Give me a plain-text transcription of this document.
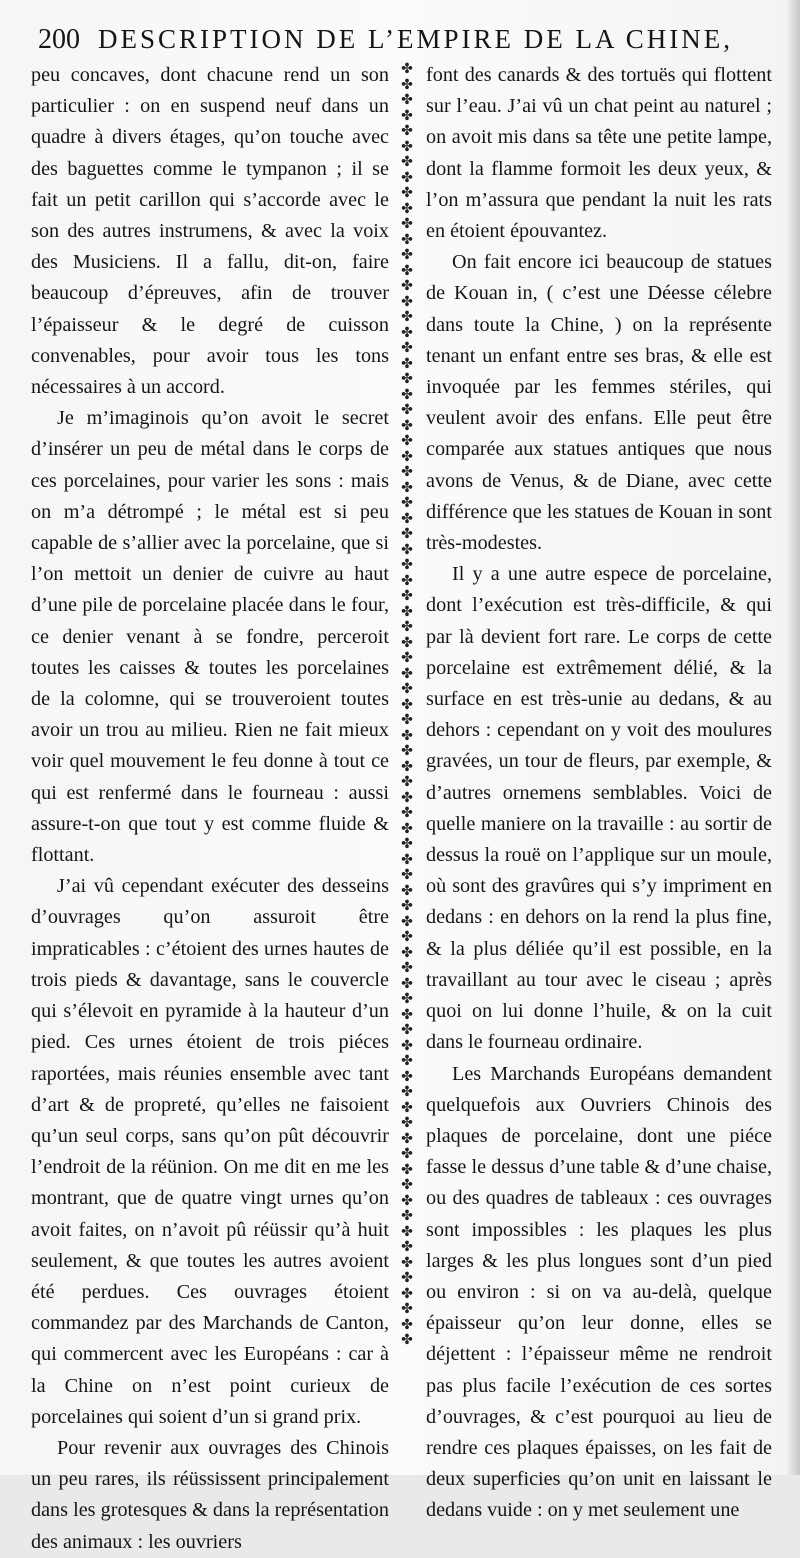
200 DESCRIPTION DE L’EMPIRE DE LA CHINE,

peu concaves, dont chacune rend un son particulier : on en suspend neuf dans un quadre à divers étages, qu’on touche avec des baguettes comme le tympanon ; il se fait un petit carillon qui s’accorde avec le son des autres instrumens, & avec la voix des Musiciens. Il a fallu, dit-on, faire beaucoup d’épreuves, afin de trouver l’épaisseur & le degré de cuisson convenables, pour avoir tous les tons nécessaires à un accord.

Je m’imaginois qu’on avoit le secret d’insérer un peu de métal dans le corps de ces porcelaines, pour varier les sons : mais on m’a détrompé ; le métal est si peu capable de s’allier avec la porcelaine, que si l’on mettoit un denier de cuivre au haut d’une pile de porcelaine placée dans le four, ce denier venant à se fondre, perceroit toutes les caisses & toutes les porcelaines de la colomne, qui se trouveroient toutes avoir un trou au milieu. Rien ne fait mieux voir quel mouvement le feu donne à tout ce qui est renfermé dans le fourneau : aussi assure-t-on que tout y est comme fluide & flottant.

J’ai vû cependant exécuter des desseins d’ouvrages qu’on assuroit être impraticables : c’étoient des urnes hautes de trois pieds & davantage, sans le couvercle qui s’élevoit en pyramide à la hauteur d’un pied. Ces urnes étoient de trois piéces raportées, mais réunies ensemble avec tant d’art & de propreté, qu’elles ne faisoient qu’un seul corps, sans qu’on pût découvrir l’endroit de la réünion. On me dit en me les montrant, que de quatre vingt urnes qu’on avoit faites, on n’avoit pû réüssir qu’à huit seulement, & que toutes les autres avoient été perdues. Ces ouvrages étoient commandez par des Marchands de Canton, qui commercent avec les Européans : car à la Chine on n’est point curieux de porcelaines qui soient d’un si grand prix.

Pour revenir aux ouvrages des Chinois un peu rares, ils réüssissent principalement dans les grotesques & dans la représentation des animaux : les ouvriers

✤
✤
✤
✤
✤
✤
✤
✤
✤
✤
✤
✤
✤
✤
✤
✤
✤
✤
✤
✤
✤
✤
✤
✤
✤
✤
✤
✤
✤
✤
✤
✤
✤
✤
✤
✤
✤
✤
✤
✤
✤
✤
✤
✤
✤
✤
✤
✤
✤
✤
✤
✤
✤
✤
✤
✤
✤
✤
✤
✤
✤
✤
✤
✤
✤
✤
✤
✤
✤
✤
✤
✤
✤
✤
✤
✤
✤
✤
✤
✤
✤
✤
✤

font des canards & des tortuës qui flottent sur l’eau. J’ai vû un chat peint au naturel ; on avoit mis dans sa tête une petite lampe, dont la flamme formoit les deux yeux, & l’on m’assura que pendant la nuit les rats en étoient épouvantez.

On fait encore ici beaucoup de statues de Kouan in, ( c’est une Déesse célebre dans toute la Chine, ) on la représente tenant un enfant entre ses bras, & elle est invoquée par les femmes stériles, qui veulent avoir des enfans. Elle peut être comparée aux statues antiques que nous avons de Venus, & de Diane, avec cette différence que les statues de Kouan in sont très-modestes.

Il y a une autre espece de porcelaine, dont l’exécution est très-difficile, & qui par là devient fort rare. Le corps de cette porcelaine est extrêmement délié, & la surface en est très-unie au dedans, & au dehors : cependant on y voit des moulures gravées, un tour de fleurs, par exemple, & d’autres ornemens semblables. Voici de quelle maniere on la travaille : au sortir de dessus la rouë on l’applique sur un moule, où sont des gravûres qui s’y impriment en dedans : en dehors on la rend la plus fine, & la plus déliée qu’il est possible, en la travaillant au tour avec le ciseau ; après quoi on lui donne l’huile, & on la cuit dans le fourneau ordinaire.

Les Marchands Européans demandent quelquefois aux Ouvriers Chinois des plaques de porcelaine, dont une piéce fasse le dessus d’une table & d’une chaise, ou des quadres de tableaux : ces ouvrages sont impossibles : les plaques les plus larges & les plus longues sont d’un pied ou environ : si on va au-delà, quelque épaisseur qu’on leur donne, elles se déjettent : l’épaisseur même ne rendroit pas plus facile l’exécution de ces sortes d’ouvrages, & c’est pourquoi au lieu de rendre ces plaques épaisses, on les fait de deux superficies qu’on unit en laissant le dedans vuide : on y met seulement une
